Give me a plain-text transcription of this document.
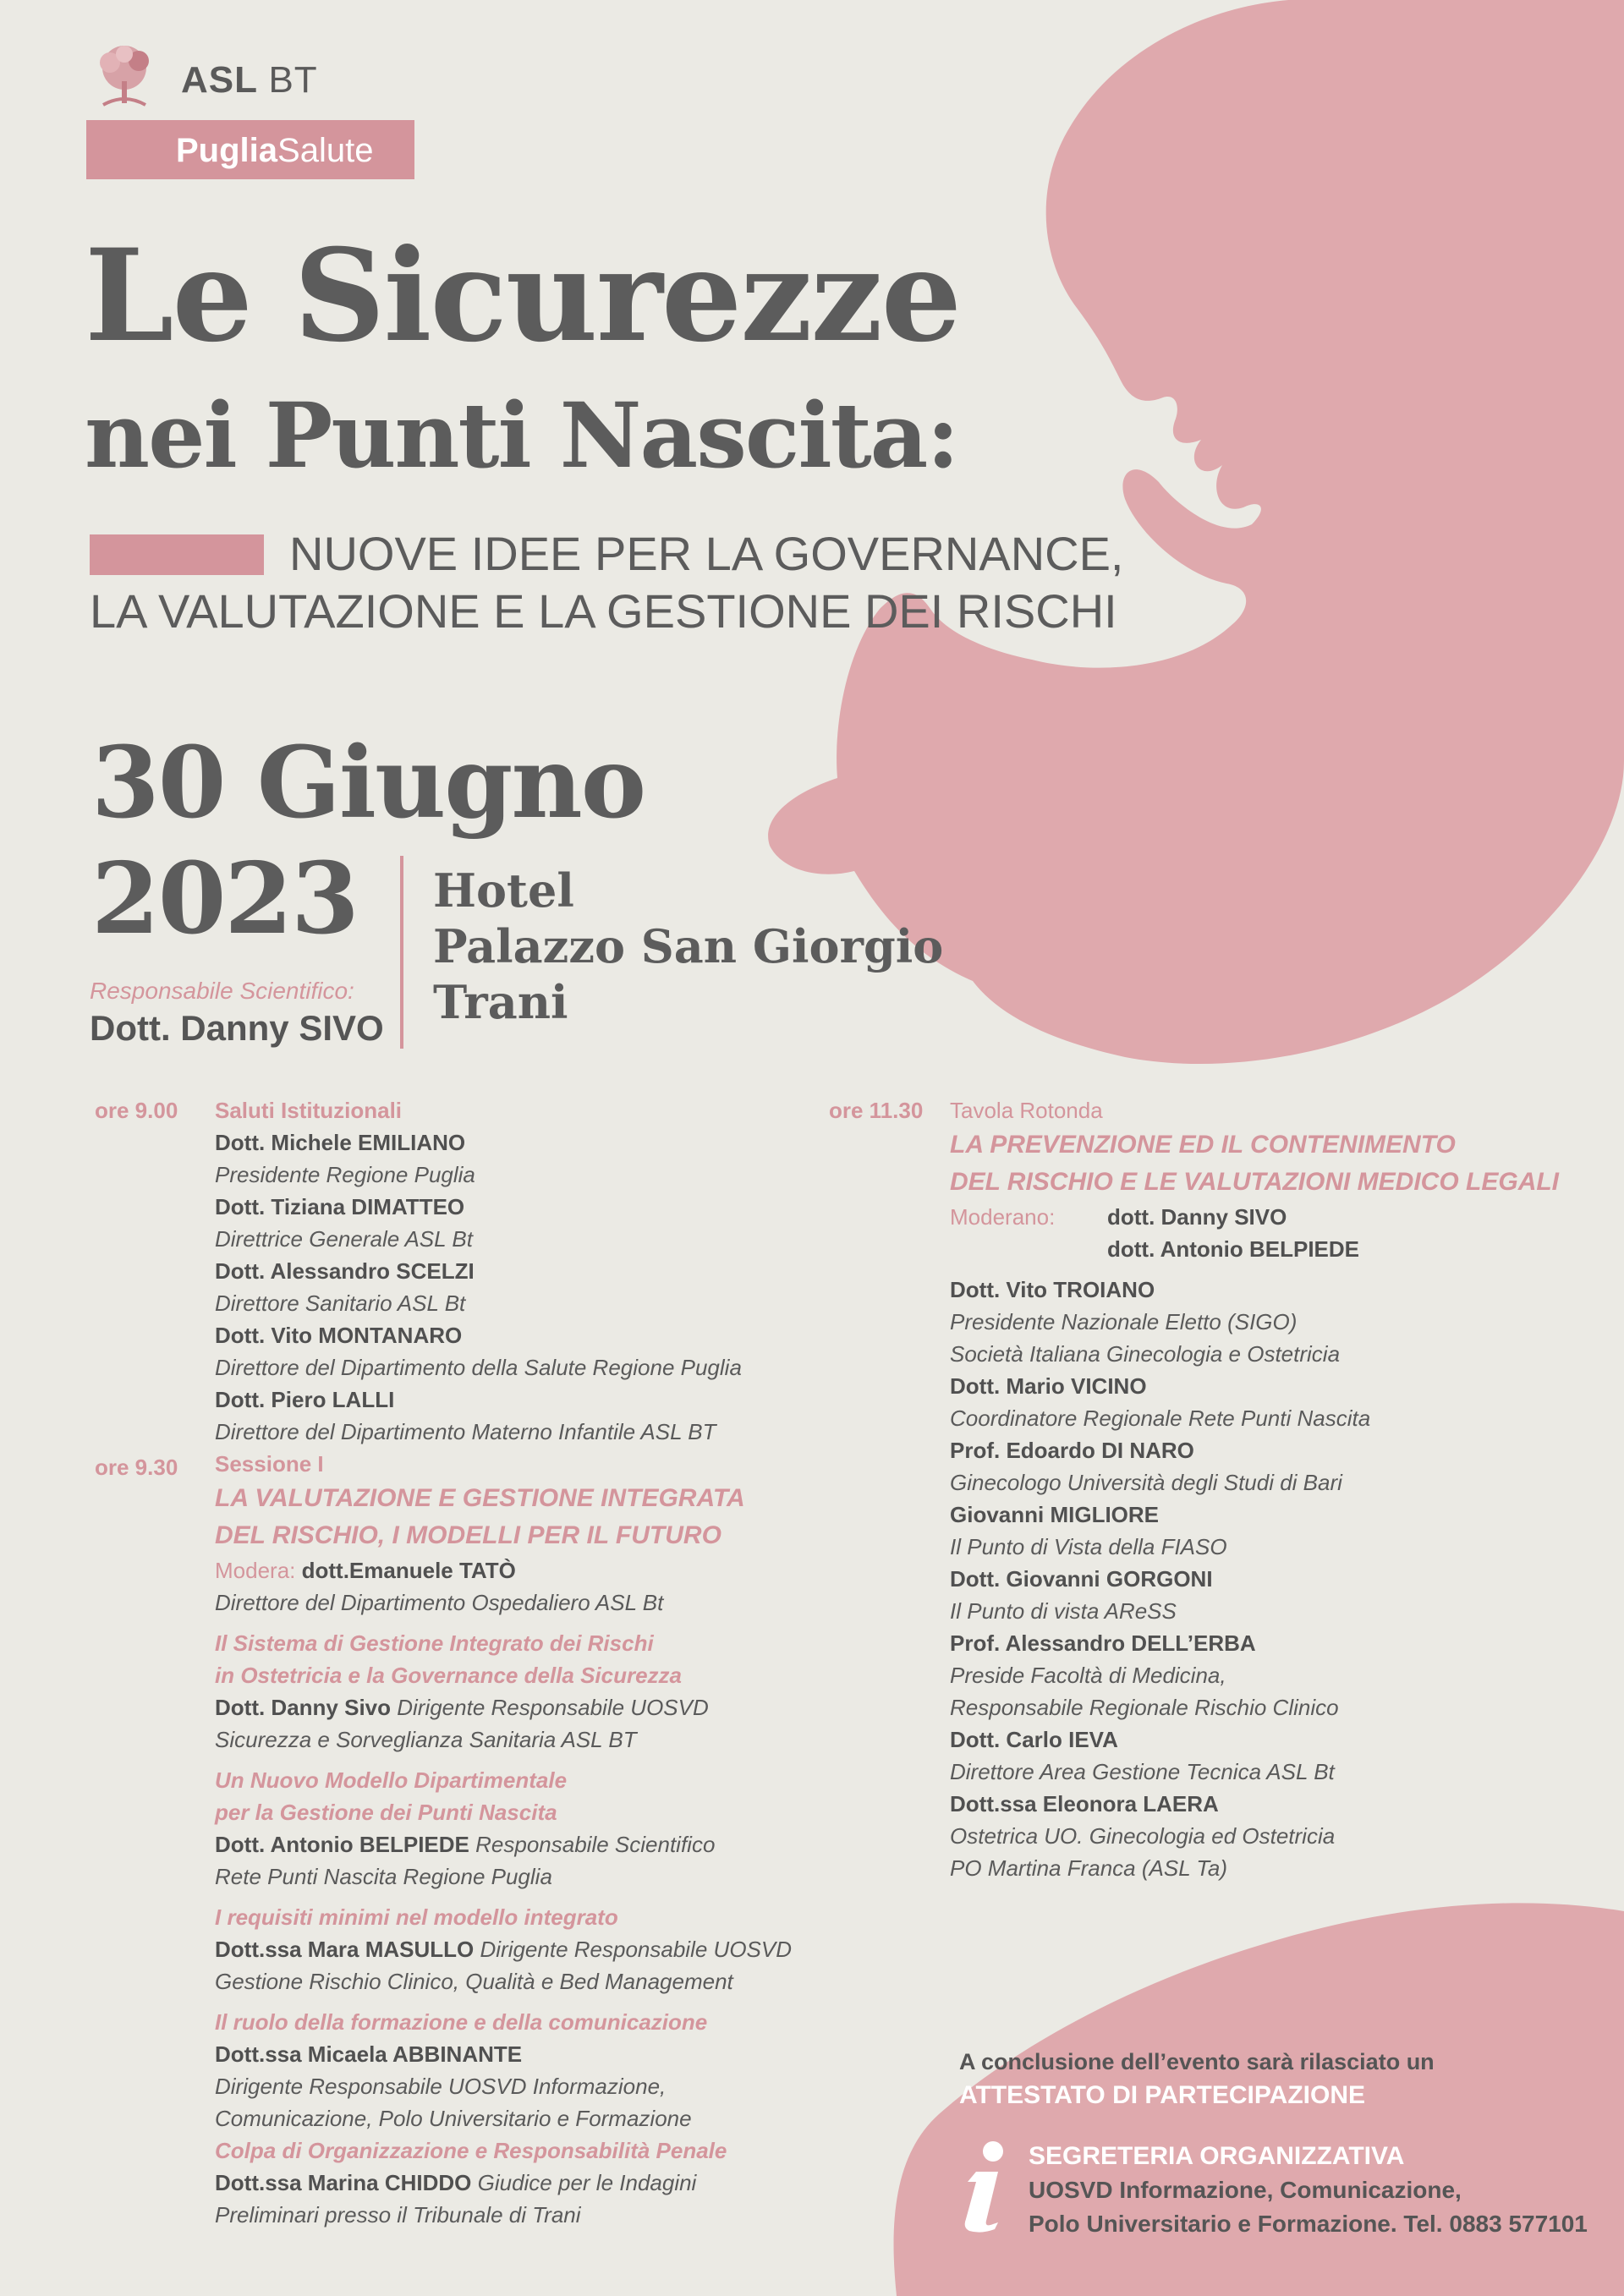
ASL BT
PugliaSalute
Le Sicurezze
nei Punti Nascita:
NUOVE IDEE PER LA GOVERNANCE,
LA VALUTAZIONE E LA GESTIONE DEI RISCHI
30 Giugno
2023 Hotel
Palazzo San Giorgio
Trani
Responsabile Scientifico:
Dott. Danny SIVO
ore 9.00 Saluti Istituzionali
Dott. Michele EMILIANO
Presidente Regione Puglia
Dott. Tiziana DIMATTEO
Direttrice Generale ASL Bt
Dott. Alessandro SCELZI
Direttore Sanitario ASL Bt
Dott. Vito MONTANARO
Direttore del Dipartimento della Salute Regione Puglia
Dott. Piero LALLI
Direttore del Dipartimento Materno Infantile ASL BT
Sessione I
LA VALUTAZIONE E GESTIONE INTEGRATA
DEL RISCHIO, I MODELLI PER IL FUTURO
Modera: dott.Emanuele TATÒ
Direttore del Dipartimento Ospedaliero ASL Bt
Il Sistema di Gestione Integrato dei Rischi
in Ostetricia e la Governance della Sicurezza
Dott. Danny Sivo Dirigente Responsabile UOSVD
Sicurezza e Sorveglianza Sanitaria ASL BT
Un Nuovo Modello Dipartimentale
per la Gestione dei Punti Nascita
Dott. Antonio BELPIEDE Responsabile Scientifico
Rete Punti Nascita Regione Puglia
I requisiti minimi nel modello integrato
Dott.ssa Mara MASULLO Dirigente Responsabile UOSVD
Gestione Rischio Clinico, Qualità e Bed Management
Il ruolo della formazione e della comunicazione
Dott.ssa Micaela ABBINANTE
Dirigente Responsabile UOSVD Informazione,
Comunicazione, Polo Universitario e Formazione
Colpa di Organizzazione e Responsabilità Penale
Dott.ssa Marina CHIDDO Giudice per le Indagini
Preliminari presso il Tribunale di Trani
ore 9.30
ore 11.30 Tavola Rotonda
LA PREVENZIONE ED IL CONTENIMENTO
DEL RISCHIO E LE VALUTAZIONI MEDICO LEGALI
Moderano: dott. Danny SIVO
dott. Antonio BELPIEDE
Dott. Vito TROIANO
Presidente Nazionale Eletto (SIGO)
Società Italiana Ginecologia e Ostetricia
Dott. Mario VICINO
Coordinatore Regionale Rete Punti Nascita
Prof. Edoardo DI NARO
Ginecologo Università degli Studi di Bari
Giovanni MIGLIORE
Il Punto di Vista della FIASO
Dott. Giovanni GORGONI
Il Punto di vista AReSS
Prof. Alessandro DELL’ERBA
Preside Facoltà di Medicina,
Responsabile Regionale Rischio Clinico
Dott. Carlo IEVA
Direttore Area Gestione Tecnica ASL Bt
Dott.ssa Eleonora LAERA
Ostetrica UO. Ginecologia ed Ostetricia
PO Martina Franca (ASL Ta)
A conclusione dell’evento sarà rilasciato un
ATTESTATO DI PARTECIPAZIONE
SEGRETERIA ORGANIZZATIVA
UOSVD Informazione, Comunicazione,
Polo Universitario e Formazione. Tel. 0883 577101
